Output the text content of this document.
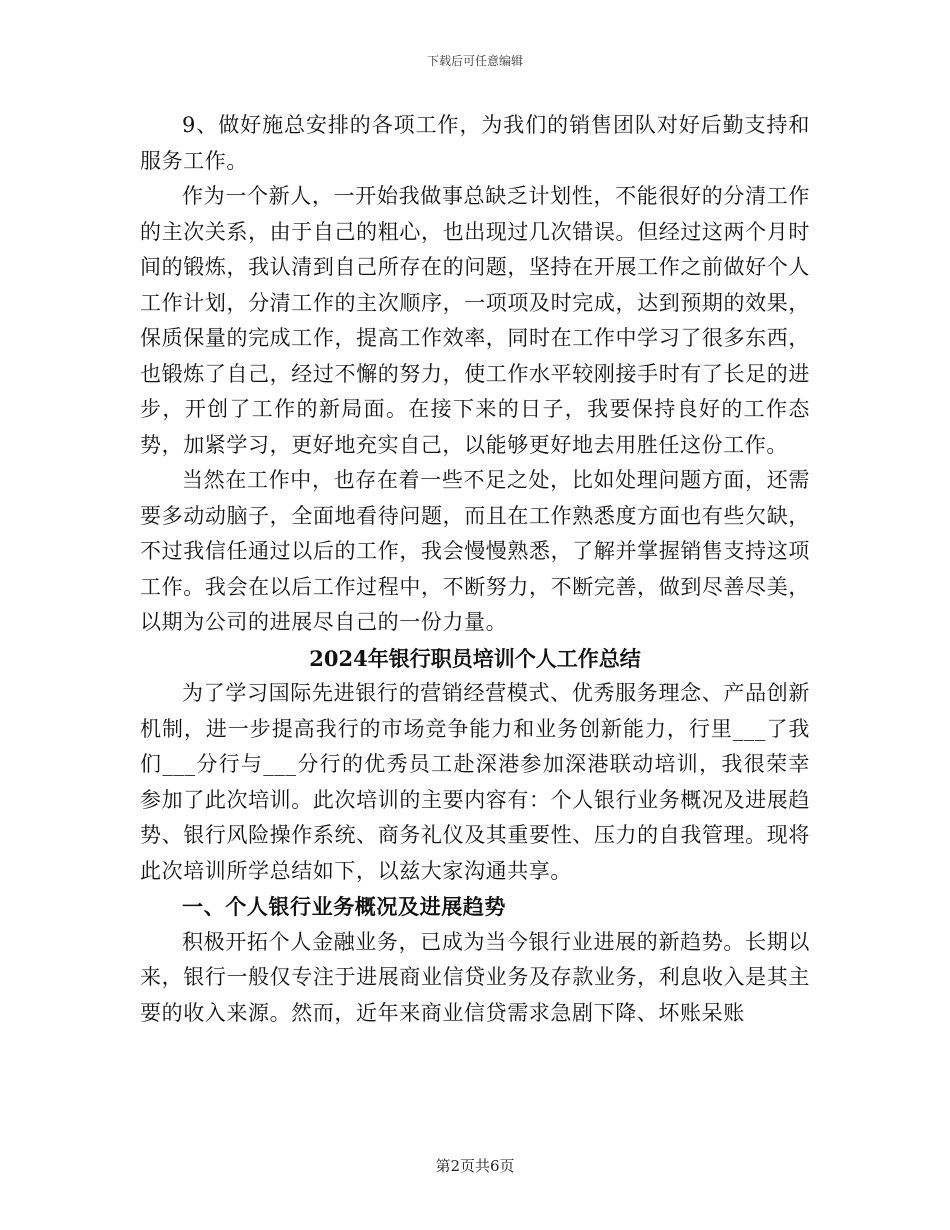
下载后可任意编辑

9、做好施总安排的各项工作，为我们的销售团队对好后勤支持和服务工作。

作为一个新人，一开始我做事总缺乏计划性，不能很好的分清工作的主次关系，由于自己的粗心，也出现过几次错误。但经过这两个月时间的锻炼，我认清到自己所存在的问题，坚持在开展工作之前做好个人工作计划，分清工作的主次顺序，一项项及时完成，达到预期的效果，保质保量的完成工作，提高工作效率，同时在工作中学习了很多东西，也锻炼了自己，经过不懈的努力，使工作水平较刚接手时有了长足的进步，开创了工作的新局面。在接下来的日子，我要保持良好的工作态势，加紧学习，更好地充实自己，以能够更好地去用胜任这份工作。

当然在工作中，也存在着一些不足之处，比如处理问题方面，还需要多动动脑子，全面地看待问题，而且在工作熟悉度方面也有些欠缺，不过我信任通过以后的工作，我会慢慢熟悉，了解并掌握销售支持这项工作。我会在以后工作过程中，不断努力，不断完善，做到尽善尽美，以期为公司的进展尽自己的一份力量。

2024年银行职员培训个人工作总结

为了学习国际先进银行的营销经营模式、优秀服务理念、产品创新机制，进一步提高我行的市场竞争能力和业务创新能力，行里___了我们___分行与___分行的优秀员工赴深港参加深港联动培训，我很荣幸参加了此次培训。此次培训的主要内容有：个人银行业务概况及进展趋势、银行风险操作系统、商务礼仪及其重要性、压力的自我管理。现将此次培训所学总结如下，以兹大家沟通共享。

一、个人银行业务概况及进展趋势

积极开拓个人金融业务，已成为当今银行业进展的新趋势。长期以来，银行一般仅专注于进展商业信贷业务及存款业务，利息收入是其主要的收入来源。然而，近年来商业信贷需求急剧下降、坏账呆账

第2页共6页
